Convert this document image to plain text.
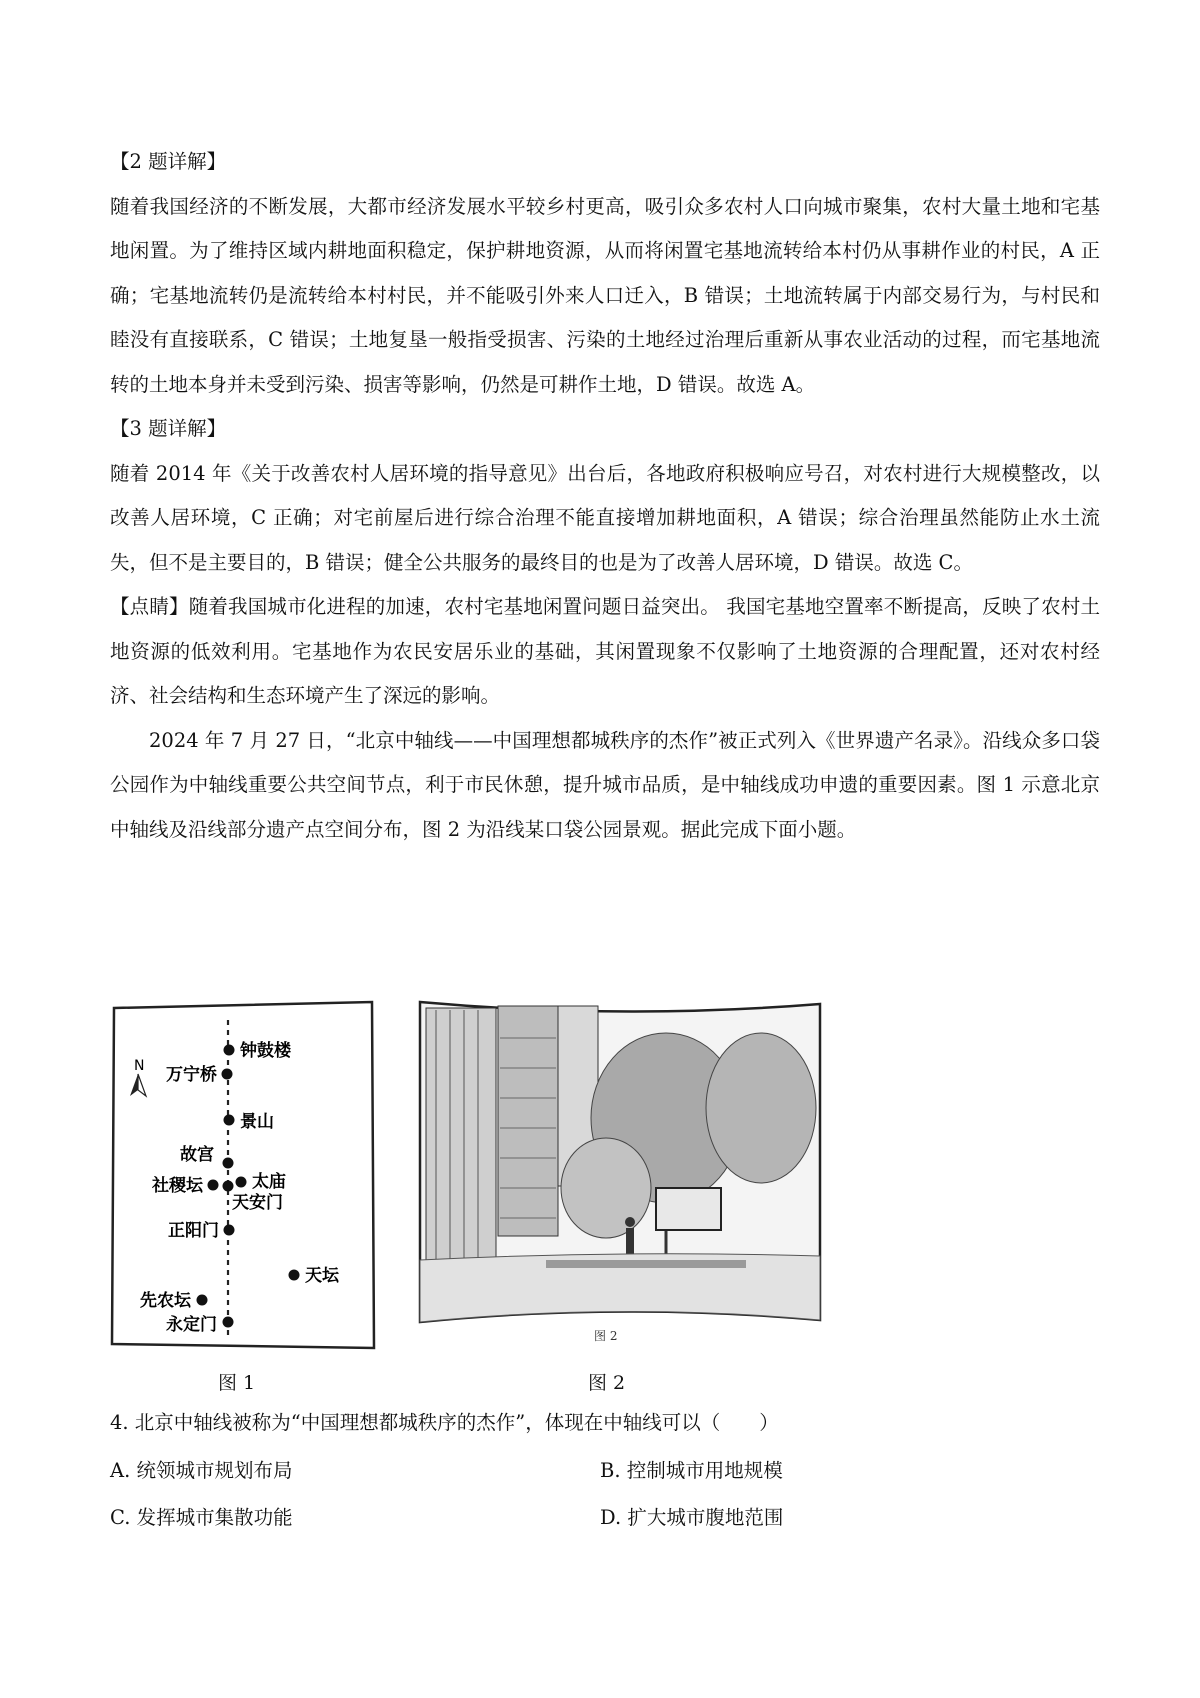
【2 题详解】

随着我国经济的不断发展，大都市经济发展水平较乡村更高，吸引众多农村人口向城市聚集，农村大量土地和宅基地闲置。为了维持区域内耕地面积稳定，保护耕地资源，从而将闲置宅基地流转给本村仍从事耕作业的村民，A 正确；宅基地流转仍是流转给本村村民，并不能吸引外来人口迁入，B 错误；土地流转属于内部交易行为，与村民和睦没有直接联系，C 错误；土地复垦一般指受损害、污染的土地经过治理后重新从事农业活动的过程，而宅基地流转的土地本身并未受到污染、损害等影响，仍然是可耕作土地，D 错误。故选 A。

【3 题详解】

随着 2014 年《关于改善农村人居环境的指导意见》出台后，各地政府积极响应号召，对农村进行大规模整改，以改善人居环境，C 正确；对宅前屋后进行综合治理不能直接增加耕地面积，A 错误；综合治理虽然能防止水土流失，但不是主要目的，B 错误；健全公共服务的最终目的也是为了改善人居环境，D 错误。故选 C。

【点睛】随着我国城市化进程的加速，农村宅基地闲置问题日益突出。 我国宅基地空置率不断提高，反映了农村土地资源的低效利用。宅基地作为农民安居乐业的基础，其闲置现象不仅影响了土地资源的合理配置，还对农村经济、社会结构和生态环境产生了深远的影响。

2024 年 7 月 27 日，“北京中轴线——中国理想都城秩序的杰作”被正式列入《世界遗产名录》。沿线众多口袋公园作为中轴线重要公共空间节点，利于市民休憩，提升城市品质，是中轴线成功申遗的重要因素。图 1 示意北京中轴线及沿线部分遗产点空间分布，图 2 为沿线某口袋公园景观。据此完成下面小题。

N
钟鼓楼
万宁桥
景山
故宫
社稷坛	太庙
天安门
正阳门
天坛
先农坛
永定门
图 2
图 1	图 2
4. 北京中轴线被称为“中国理想都城秩序的杰作”，体现在中轴线可以（　　）
A. 统领城市规划布局	B. 控制城市用地规模
C. 发挥城市集散功能	D. 扩大城市腹地范围
